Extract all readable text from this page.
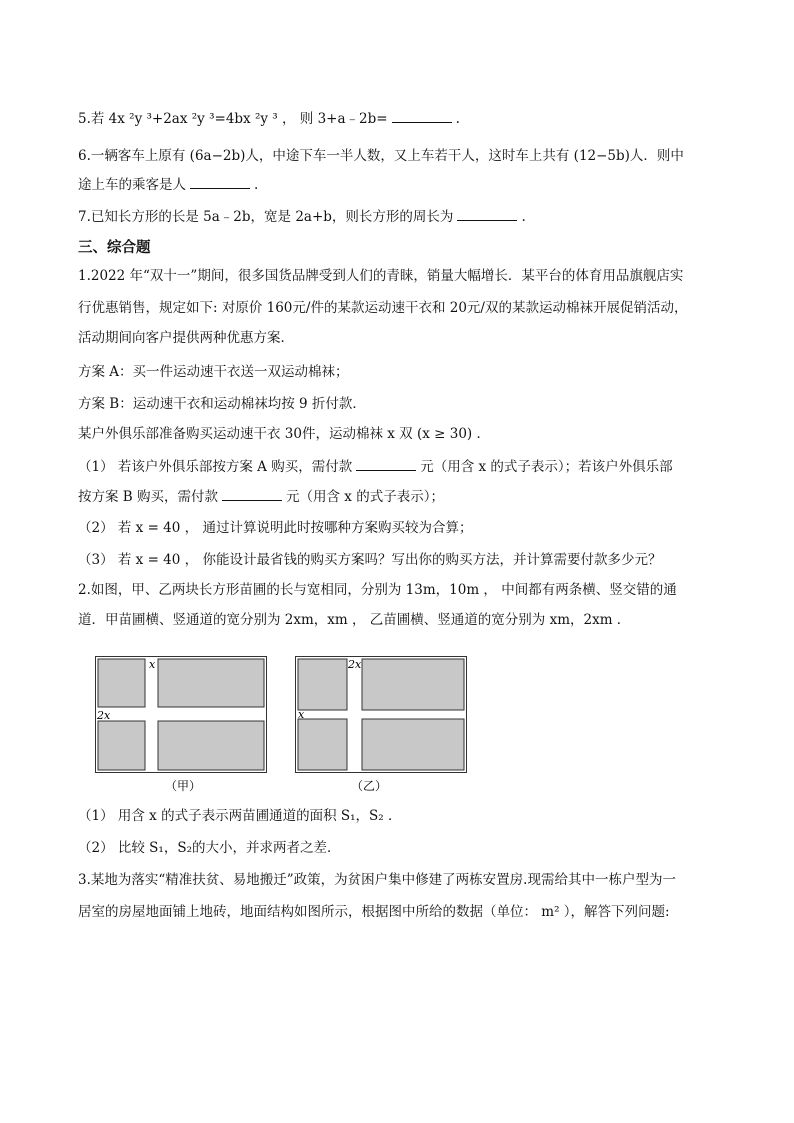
5.若 4x ²y ³+2ax ²y ³=4bx ²y ³ ， 则 3+a﹣2b=	.
6.一辆客车上原有 (6a−2b)人，中途下车一半人数，又上车若干人，这时车上共有 (12−5b)人．则中
途上车的乘客是人	.
7.已知长方形的长是 5a﹣2b，宽是 2a+b，则长方形的周长为	.
三、综合题
1.2022 年“双十一”期间，很多国货品牌受到人们的青睐，销量大幅增长．某平台的体育用品旗舰店实
行优惠销售，规定如下: 对原价 160元/件的某款运动速干衣和 20元/双的某款运动棉袜开展促销活动，
活动期间向客户提供两种优惠方案．
方案 A：买一件运动速干衣送一双运动棉袜；
方案 B：运动速干衣和运动棉袜均按 9 折付款．
某户外俱乐部准备购买运动速干衣 30件，运动棉袜 x 双 (x ≥ 30) ．
（1） 若该户外俱乐部按方案 A 购买，需付款	元（用含 x 的式子表示）；若该户外俱乐部
按方案 B 购买，需付款	元（用含 x 的式子表示）；
（2） 若 x = 40 ， 通过计算说明此时按哪种方案购买较为合算；
（3） 若 x = 40 ， 你能设计最省钱的购买方案吗？写出你的购买方法，并计算需要付款多少元？
2.如图，甲、乙两块长方形苗圃的长与宽相同，分别为 13m，10m ， 中间都有两条横、竖交错的通
道．甲苗圃横、竖通道的宽分别为 2xm，xm ， 乙苗圃横、竖通道的宽分别为 xm，2xm ．
x
2x
（甲）
2x
x
（乙）
（1） 用含 x 的式子表示两苗圃通道的面积 S₁，S₂ ．
（2） 比较 S₁，S₂的大小，并求两者之差．
3.某地为落实“精准扶贫、易地搬迁”政策，为贫困户集中修建了两栋安置房.现需给其中一栋户型为一
居室的房屋地面铺上地砖，地面结构如图所示，根据图中所给的数据（单位： m² ），解答下列问题:
